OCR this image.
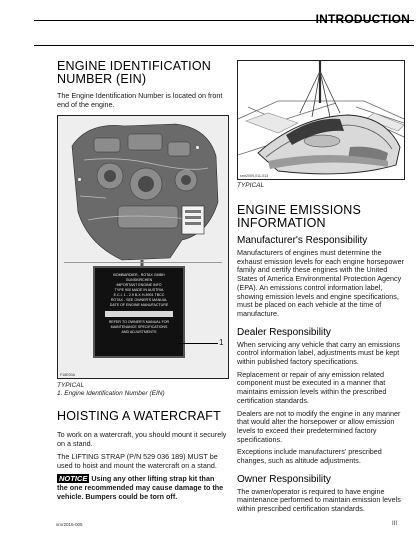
INTRODUCTION
ENGINE IDENTIFICATION NUMBER (EIN)

The Engine Identification Number is located on front end of the engine.

BOMBARDIER - ROTAX GMBH
GUNSKIRCHEN
IMPORTANT ENGINE INFO
TYPE 900 MADE IN AUSTRIA
E.C.I. 1 - 2.9 B-X H-8901 TBCC
ROTAX - SEE OWNER'S MANUAL
DATE OF ENGINE MANUFACTURE
REFER TO OWNER'S MANUAL FOR
MAINTENANCE SPECIFICATIONS
AND ADJUSTMENTS
1
F18E00A
TYPICAL
1. Engine Identification Number (EIN)
HOISTING A WATERCRAFT

To work on a watercraft, you should mount it securely on a stand.

The LIFTING STRAP (P/N 529 036 189) MUST be used to hoist and mount the watercraft on a stand.

NOTICE Using any other lifting strap kit than the one recommended may cause damage to the vehicle. Bumpers could be torn off.

smr2009-011-013
TYPICAL
ENGINE EMISSIONS INFORMATION
Manufacturer's Responsibility

Manufacturers of engines must determine the exhaust emission levels for each engine horsepower family and certify these engines with the United States of America Environmental Protection Agency (EPA). An emissions control information label, showing emission levels and engine specifications, must be placed on each vehicle at the time of manufacture.

Dealer Responsibility

When servicing any vehicle that carry an emissions control information label, adjustments must be kept within published factory specifications.

Replacement or repair of any emission related component must be executed in a manner that maintains emission levels within the prescribed certification standards.

Dealers are not to modify the engine in any manner that would alter the horsepower or allow emission levels to exceed their predetermined factory specifications.

Exceptions include manufacturers' prescribed changes, such as altitude adjustments.

Owner Responsibility

The owner/operator is required to have engine maintenance performed to maintain emission levels within prescribed certification standards.

smr2016-005	III
